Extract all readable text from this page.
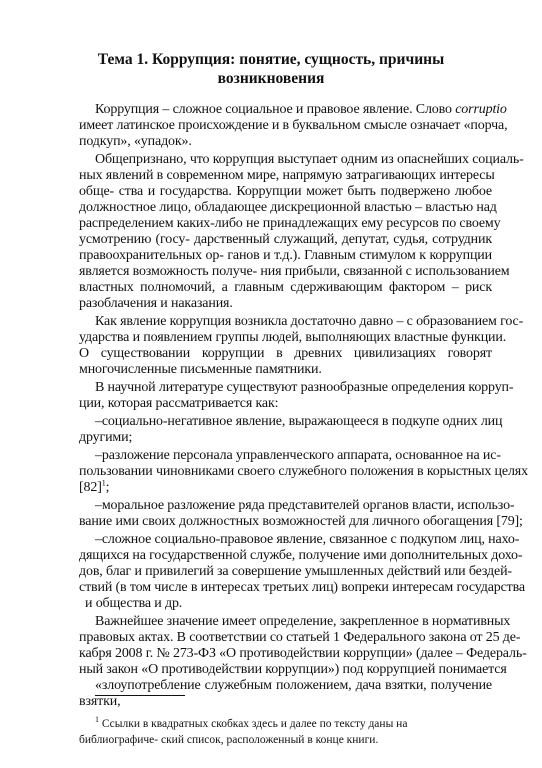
Тема 1. Коррупция: понятие, сущность, причины
возникновения
Коррупция – сложное социальное и правовое явление. Слово corruptio
имеет латинское происхождение и в буквальном смысле означает «порча,
подкуп», «упадок».
Общепризнано, что коррупция выступает одним из опаснейших социаль-
ных явлений в современном мире, напрямую затрагивающих интересы
обще- ства и государства. Коррупции может быть подвержено любое
должностное лицо, обладающее дискреционной властью – властью над
распределением каких-либо не принадлежащих ему ресурсов по своему
усмотрению (госу- дарственный служащий, депутат, судья, сотрудник
правоохранительных ор- ганов и т.д.). Главным стимулом к коррупции
является возможность получе- ния прибыли, связанной с использованием
властных полномочий, а главным сдерживающим фактором – риск
разоблачения и наказания.
Как явление коррупция возникла достаточно давно – с образованием гос-
ударства и появлением группы людей, выполняющих властные функции.
О существовании коррупции в древних цивилизациях говорят
многочисленные письменные памятники.
В научной литературе существуют разнообразные определения корруп-
ции, которая рассматривается как:
–социально-негативное явление, выражающееся в подкупе одних лиц
другими;
–разложение персонала управленческого аппарата, основанное на ис-
пользовании чиновниками своего служебного положения в корыстных целях
$[82]^1$;
–моральное разложение ряда представителей органов власти, использо-
вание ими своих должностных возможностей для личного обогащения [79];
–сложное социально-правовое явление, связанное с подкупом лиц, нахо-
дящихся на государственной службе, получение ими дополнительных дохо-
дов, благ и привилегий за совершение умышленных действий или бездей-
ствий (в том числе в интересах третьих лиц) вопреки интересам государства
и общества и др.
Важнейшее значение имеет определение, закрепленное в нормативных
правовых актах. В соответствии со статьей 1 Федерального закона от 25 де-
кабря 2008 г. № 273-ФЗ «О противодействии коррупции» (далее – Федераль-
ный закон «О противодействии коррупции») под коррупцией понимается
«злоупотребление служебным положением, дача взятки, получение
взятки,
$^1$ Ссылки в квадратных скобках здесь и далее по тексту даны на
библиографиче- ский список, расположенный в конце книги.
